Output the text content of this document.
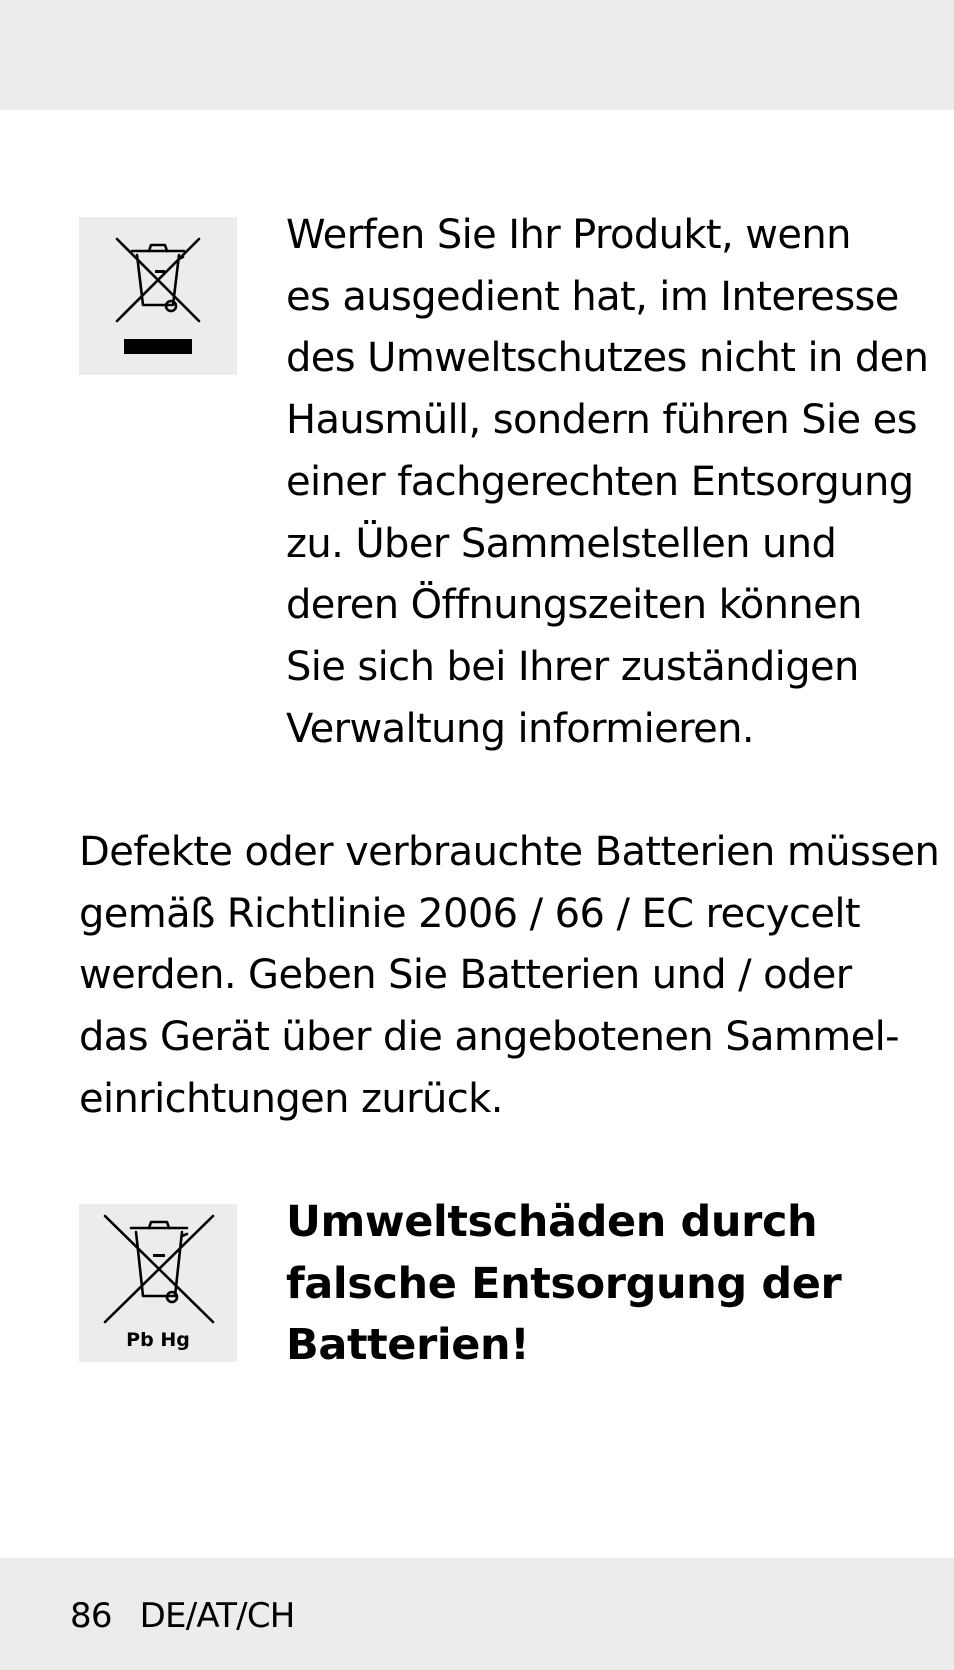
Werfen Sie Ihr Produkt, wenn
es ausgedient hat, im Interesse
des Umweltschutzes nicht in den
Hausmüll, sondern führen Sie es
einer fachgerechten Entsorgung
zu. Über Sammelstellen und
deren Öffnungszeiten können
Sie sich bei Ihrer zuständigen
Verwaltung informieren.

Defekte oder verbrauchte Batterien müssen
gemäß Richtlinie 2006 / 66 / EC recycelt
werden. Geben Sie Batterien und / oder
das Gerät über die angebotenen Sammel-
einrichtungen zurück.

Pb Hg
Umweltschäden durch
falsche Entsorgung der
Batterien!
86 DE/AT/CH
